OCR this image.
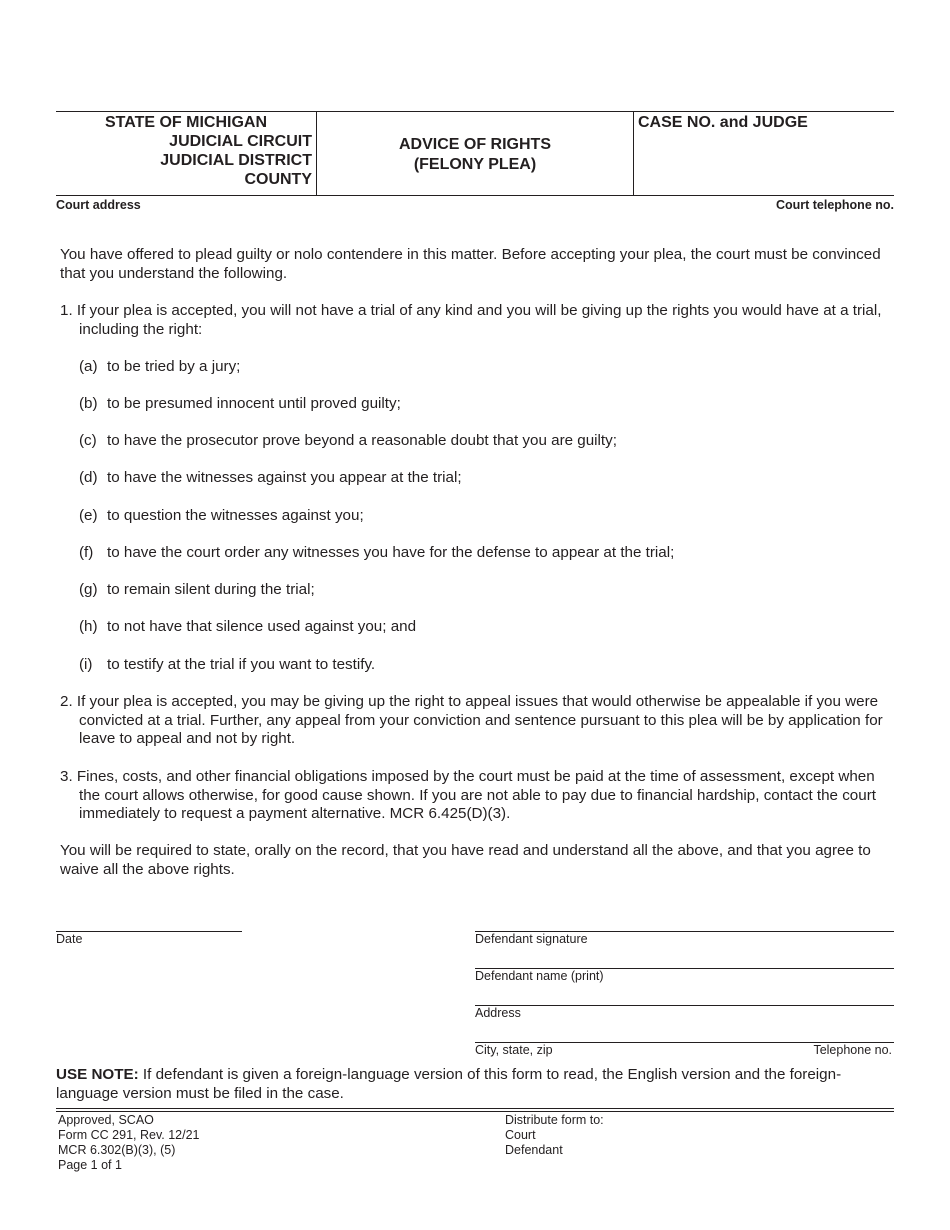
STATE OF MICHIGAN
JUDICIAL CIRCUIT
JUDICIAL DISTRICT
COUNTY
ADVICE OF RIGHTS
(FELONY PLEA)
CASE NO. and JUDGE
Court address	Court telephone no.
You have offered to plead guilty or nolo contendere in this matter. Before accepting your plea, the court must be convinced that you understand the following.
1. If your plea is accepted, you will not have a trial of any kind and you will be giving up the rights you would have at a trial, including the right:
(a) to be tried by a jury;
(b) to be presumed innocent until proved guilty;
(c) to have the prosecutor prove beyond a reasonable doubt that you are guilty;
(d) to have the witnesses against you appear at the trial;
(e) to question the witnesses against you;
(f) to have the court order any witnesses you have for the defense to appear at the trial;
(g) to remain silent during the trial;
(h) to not have that silence used against you; and
(i) to testify at the trial if you want to testify.
2. If your plea is accepted, you may be giving up the right to appeal issues that would otherwise be appealable if you were convicted at a trial. Further, any appeal from your conviction and sentence pursuant to this plea will be by application for leave to appeal and not by right.
3. Fines, costs, and other financial obligations imposed by the court must be paid at the time of assessment, except when the court allows otherwise, for good cause shown. If you are not able to pay due to financial hardship, contact the court immediately to request a payment alternative. MCR 6.425(D)(3).
You will be required to state, orally on the record, that you have read and understand all the above, and that you agree to waive all the above rights.
Date	Defendant signature
Defendant name (print)
Address
City, state, zip	Telephone no.
USE NOTE: If defendant is given a foreign-language version of this form to read, the English version and the foreign-language version must be filed in the case.
Approved, SCAO
Form CC 291, Rev. 12/21
MCR 6.302(B)(3), (5)
Page 1 of 1
Distribute form to:
Court
Defendant
